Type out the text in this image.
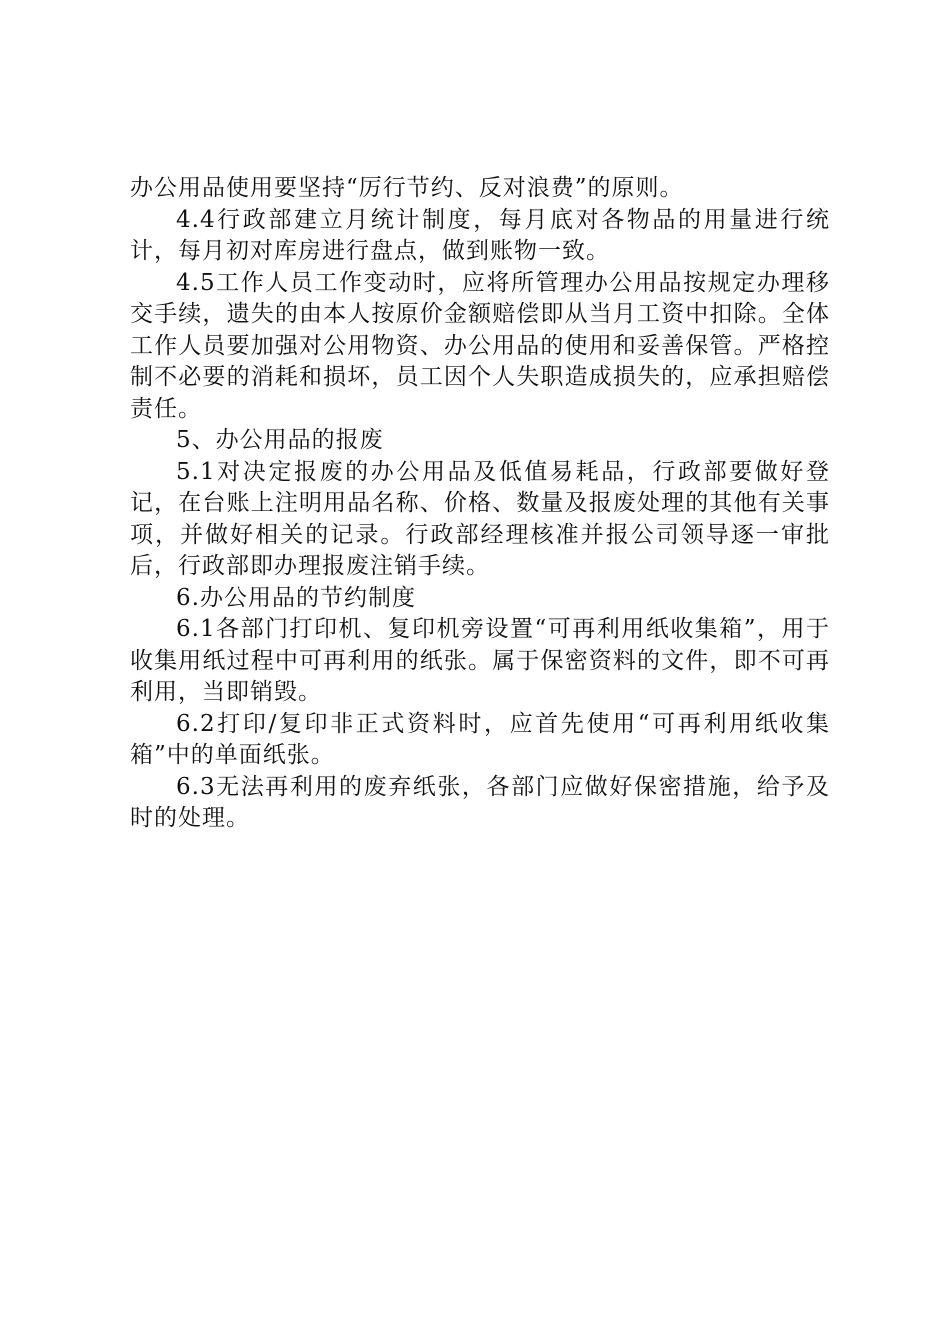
办公用品使用要坚持“厉行节约、反对浪费”的原则。

4.4行政部建立月统计制度，每月底对各物品的用量进行统计，每月初对库房进行盘点，做到账物一致。

4.5工作人员工作变动时，应将所管理办公用品按规定办理移交手续，遗失的由本人按原价金额赔偿即从当月工资中扣除。全体工作人员要加强对公用物资、办公用品的使用和妥善保管。严格控制不必要的消耗和损坏，员工因个人失职造成损失的，应承担赔偿责任。

5、办公用品的报废

5.1对决定报废的办公用品及低值易耗品，行政部要做好登记，在台账上注明用品名称、价格、数量及报废处理的其他有关事项，并做好相关的记录。行政部经理核准并报公司领导逐一审批后，行政部即办理报废注销手续。

6.办公用品的节约制度

6.1各部门打印机、复印机旁设置“可再利用纸收集箱”，用于收集用纸过程中可再利用的纸张。属于保密资料的文件，即不可再利用，当即销毁。

6.2打印/复印非正式资料时，应首先使用“可再利用纸收集箱”中的单面纸张。

6.3无法再利用的废弃纸张，各部门应做好保密措施，给予及时的处理。
